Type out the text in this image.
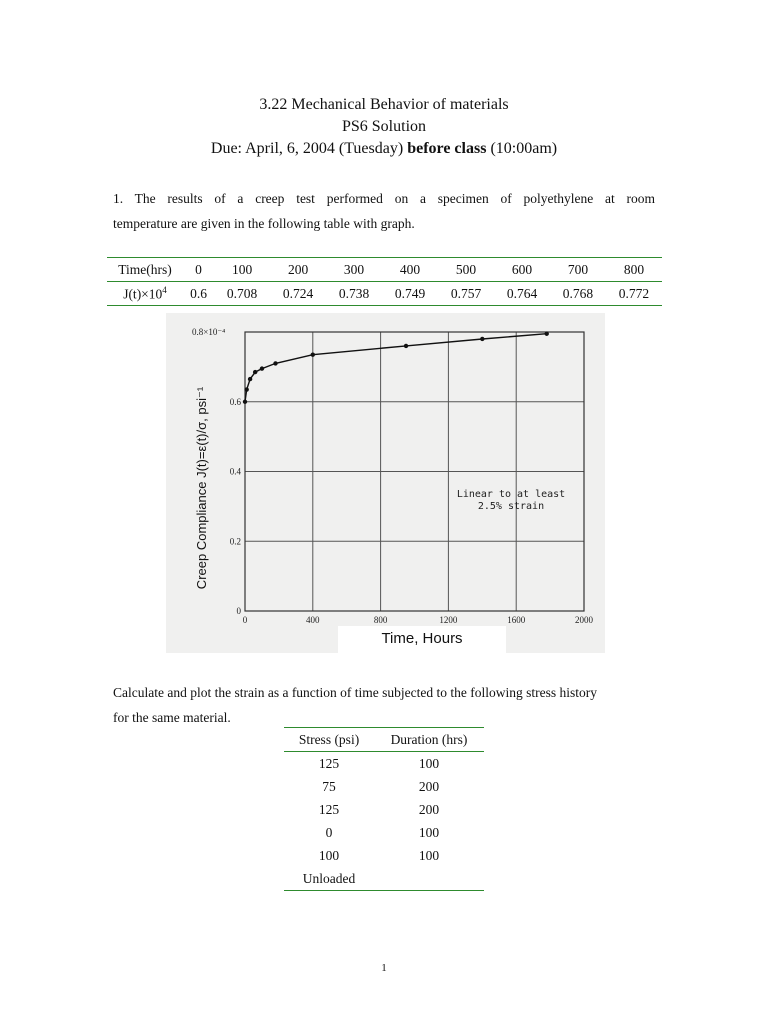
3.22 Mechanical Behavior of materials
PS6 Solution
Due: April, 6, 2004 (Tuesday) before class (10:00am)
1. The results of a creep test performed on a specimen of polyethylene at room
temperature are given in the following table with graph.
Time(hrs)	0	100	200	300	400	500	600	700	800
$J(t)\times 10^4$	0.6	0.708	0.724	0.738	0.749	0.757	0.764	0.768	0.772
0	400	800	1200	1600	2000
0
0.2
0.4
0.6
0.8×10⁻⁴
Linear to at least
2.5% strain
Creep Compliance J(t)=ε(t)/σ, psi⁻¹
Time, Hours
Calculate and plot the strain as a function of time subjected to the following stress history
for the same material.
Stress (psi)	Duration (hrs)
125	100
75	200
125	200
0	100
100	100
Unloaded	
1
